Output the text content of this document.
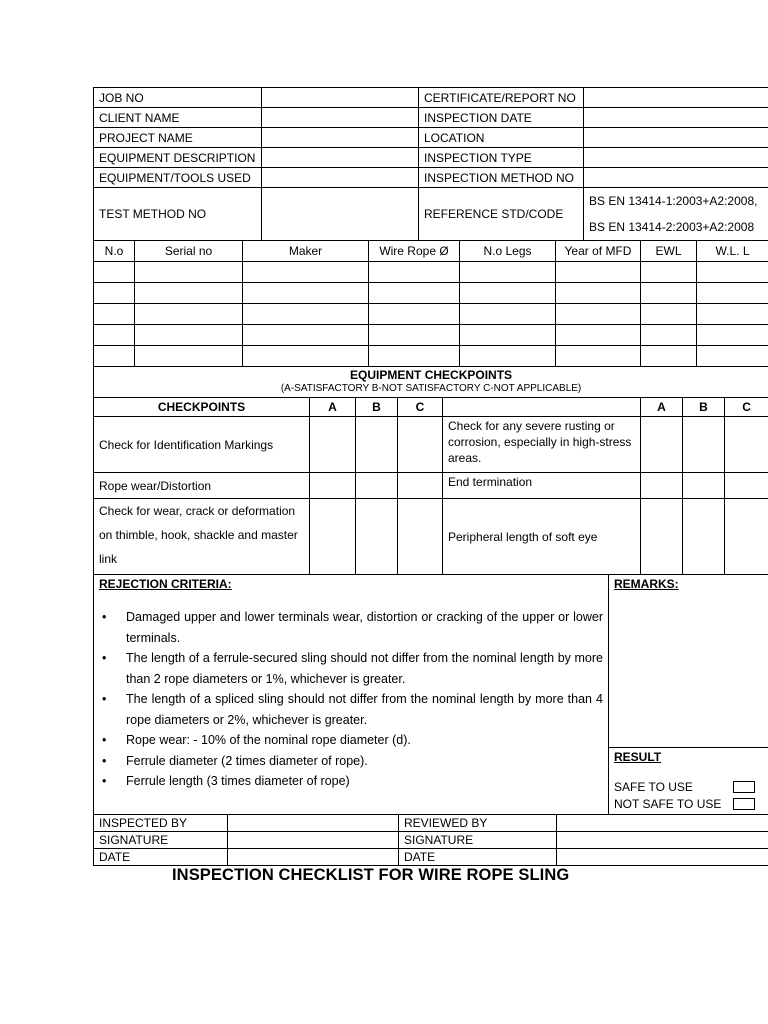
JOB NO		CERTIFICATE/REPORT NO	
CLIENT NAME		INSPECTION DATE	
PROJECT NAME		LOCATION	
EQUIPMENT DESCRIPTION		INSPECTION TYPE	
EQUIPMENT/TOOLS USED		INSPECTION METHOD NO	
TEST METHOD NO		REFERENCE STD/CODE	BS EN 13414-1:2003+A2:2008,
BS EN 13414-2:2003+A2:2008
N.o	Serial no	Maker	Wire Rope Ø	N.o Legs	Year of MFD	EWL	W.L. L

EQUIPMENT CHECKPOINTS
(A-SATISFACTORY B-NOT SATISFACTORY C-NOT APPLICABLE)							

CHECKPOINTS	A	B	C		A	B	C
Check for Identification Markings				Check for any severe rusting or corrosion, especially in high-stress areas.			
Rope wear/Distortion				End termination			
Check for wear, crack or deformation on thimble, hook, shackle and master link				Peripheral length of soft eye			
REJECTION CRITERIA:
• Damaged upper and lower terminals wear, distortion or cracking of the upper or lower terminals.
• The length of a ferrule-secured sling should not differ from the nominal length by more than 2 rope diameters or 1%, whichever is greater.
• The length of a spliced sling should not differ from the nominal length by more than 4 rope diameters or 2%, whichever is greater.
• Rope wear: - 10% of the nominal rope diameter (d).
• Ferrule diameter (2 times diameter of rope).
• Ferrule length (3 times diameter of rope)

REMARKS:

RESULT
SAFE TO USE
NOT SAFE TO USE
INSPECTED BY		REVIEWED BY	
SIGNATURE		SIGNATURE	
DATE		DATE	
INSPECTION CHECKLIST FOR WIRE ROPE SLING
